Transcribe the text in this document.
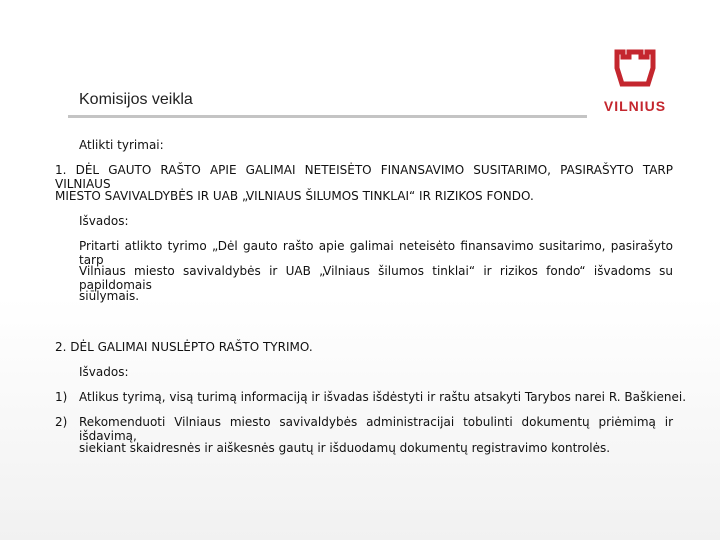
Komisijos veikla	VILNIUS
Atlikti tyrimai:
1. DĖL GAUTO RAŠTO APIE GALIMAI NETEISĖTO FINANSAVIMO SUSITARIMO, PASIRAŠYTO TARP VILNIAUS
MIESTO SAVIVALDYBĖS IR UAB „VILNIAUS ŠILUMOS TINKLAI“ IR RIZIKOS FONDO.
Išvados:
Pritarti atlikto tyrimo „Dėl gauto rašto apie galimai neteisėto finansavimo susitarimo, pasirašyto tarp
Vilniaus miesto savivaldybės ir UAB „Vilniaus šilumos tinklai“ ir rizikos fondo“ išvadoms su papildomais
siūlymais.
2. DĖL GALIMAI NUSLĖPTO RAŠTO TYRIMO.
Išvados:
1) Atlikus tyrimą, visą turimą informaciją ir išvadas išdėstyti ir raštu atsakyti Tarybos narei R. Baškienei.
2) Rekomenduoti Vilniaus miesto savivaldybės administracijai tobulinti dokumentų priėmimą ir išdavimą,
siekiant skaidresnės ir aiškesnės gautų ir išduodamų dokumentų registravimo kontrolės.
